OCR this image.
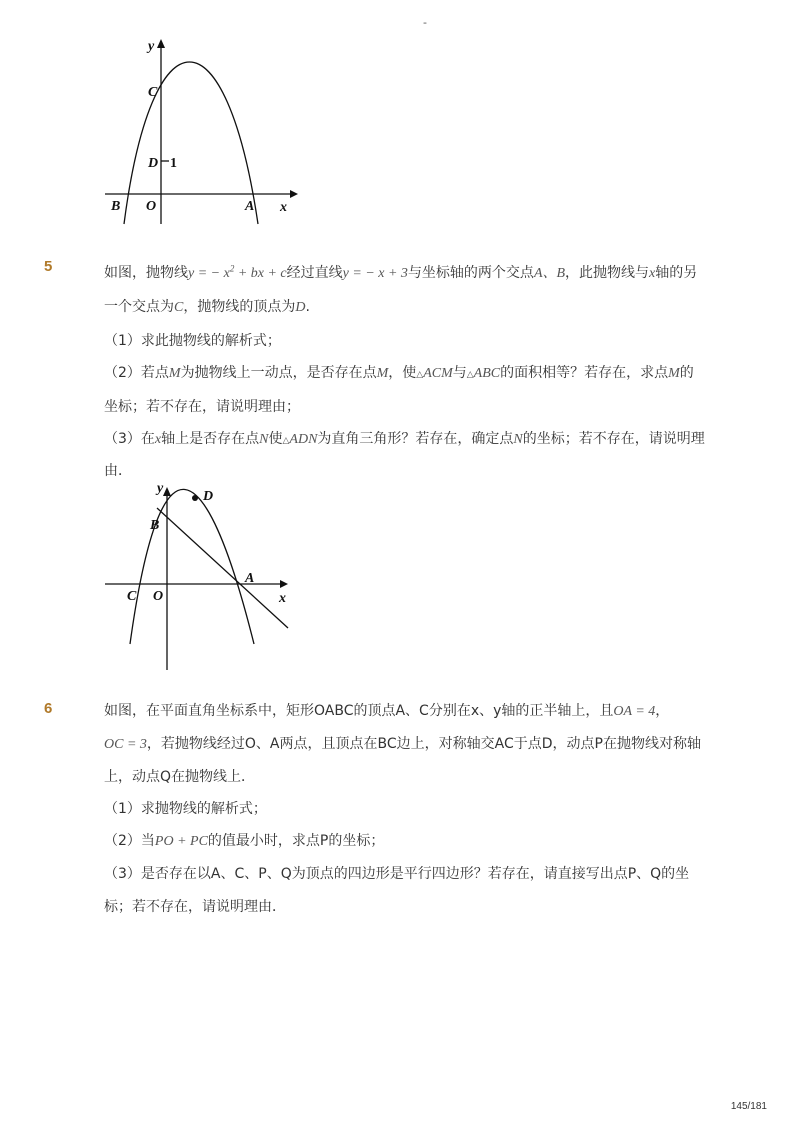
-
y
x
C
D 1
B O	A
5	如图，抛物线y = − $x^2$ + bx + c经过直线y = − x + 3与坐标轴的两个交点A、B，此抛物线与x轴的另
一个交点为C，抛物线的顶点为D.
（1）求此抛物线的解析式；
（2）若点M为抛物线上一动点，是否存在点M，使△ACM与△ABC的面积相等？若存在，求点M的
坐标；若不存在，请说明理由；
（3）在x轴上是否存在点N使△ADN为直角三角形？若存在，确定点N的坐标；若不存在，请说明理
由．
y
D
B
A
C O	x
6	如图，在平面直角坐标系中，矩形OABC的顶点A、C分别在x、y轴的正半轴上，且OA = 4，
OC = 3，若抛物线经过O、A两点，且顶点在BC边上，对称轴交AC于点D，动点P在抛物线对称轴
上，动点Q在抛物线上．
（1）求抛物线的解析式；
（2）当PO + PC的值最小时，求点P的坐标；
（3）是否存在以A、C、P、Q为顶点的四边形是平行四边形？若存在，请直接写出点P、Q的坐
标；若不存在，请说明理由．
145/181
